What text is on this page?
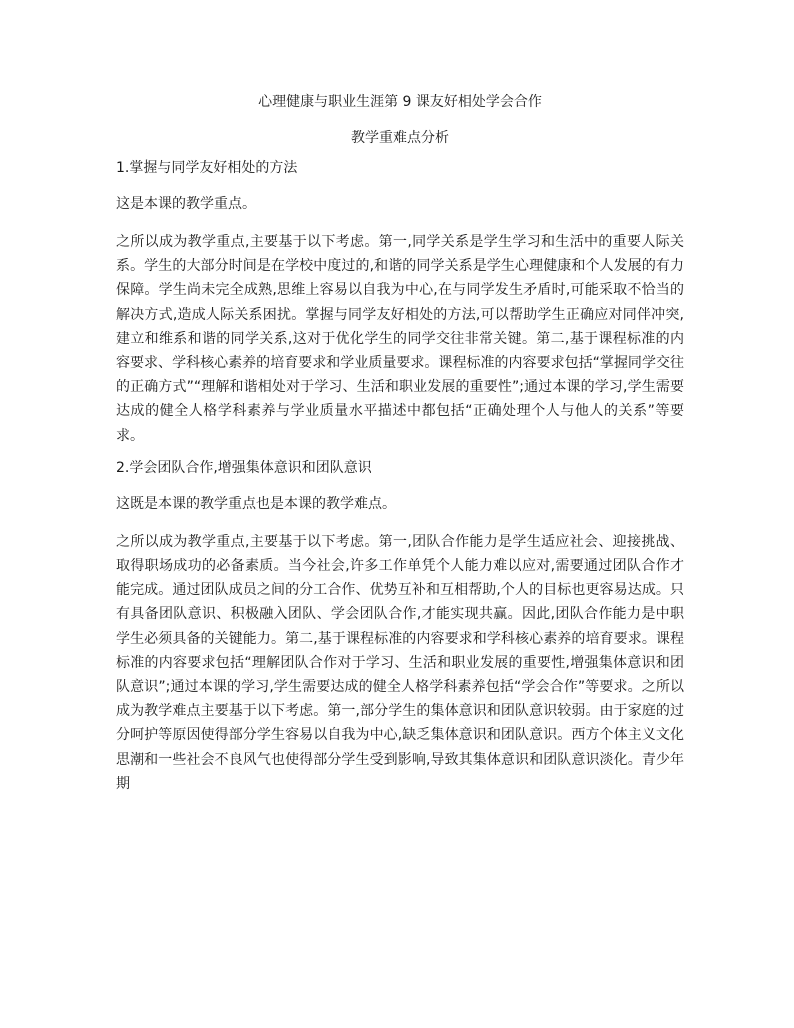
心理健康与职业生涯第 9 课友好相处学会合作

教学重难点分析

1.掌握与同学友好相处的方法

这是本课的教学重点。

之所以成为教学重点,主要基于以下考虑。第一,同学关系是学生学习和生活中的重要人际关系。学生的大部分时间是在学校中度过的,和谐的同学关系是学生心理健康和个人发展的有力保障。学生尚未完全成熟,思维上容易以自我为中心,在与同学发生矛盾时,可能采取不恰当的解决方式,造成人际关系困扰。掌握与同学友好相处的方法,可以帮助学生正确应对同伴冲突,建立和维系和谐的同学关系,这对于优化学生的同学交往非常关键。第二,基于课程标准的内容要求、学科核心素养的培育要求和学业质量要求。课程标准的内容要求包括“掌握同学交往的正确方式”“理解和谐相处对于学习、生活和职业发展的重要性”;通过本课的学习,学生需要达成的健全人格学科素养与学业质量水平描述中都包括“正确处理个人与他人的关系”等要求。

2.学会团队合作,增强集体意识和团队意识

这既是本课的教学重点也是本课的教学难点。

之所以成为教学重点,主要基于以下考虑。第一,团队合作能力是学生适应社会、迎接挑战、取得职场成功的必备素质。当今社会,许多工作单凭个人能力难以应对,需要通过团队合作才能完成。通过团队成员之间的分工合作、优势互补和互相帮助,个人的目标也更容易达成。只有具备团队意识、积极融入团队、学会团队合作,才能实现共赢。因此,团队合作能力是中职学生必须具备的关键能力。第二,基于课程标准的内容要求和学科核心素养的培育要求。课程标准的内容要求包括“理解团队合作对于学习、生活和职业发展的重要性,增强集体意识和团队意识”;通过本课的学习,学生需要达成的健全人格学科素养包括“学会合作”等要求。之所以成为教学难点主要基于以下考虑。第一,部分学生的集体意识和团队意识较弱。由于家庭的过分呵护等原因使得部分学生容易以自我为中心,缺乏集体意识和团队意识。西方个体主义文化思潮和一些社会不良风气也使得部分学生受到影响,导致其集体意识和团队意识淡化。青少年期
